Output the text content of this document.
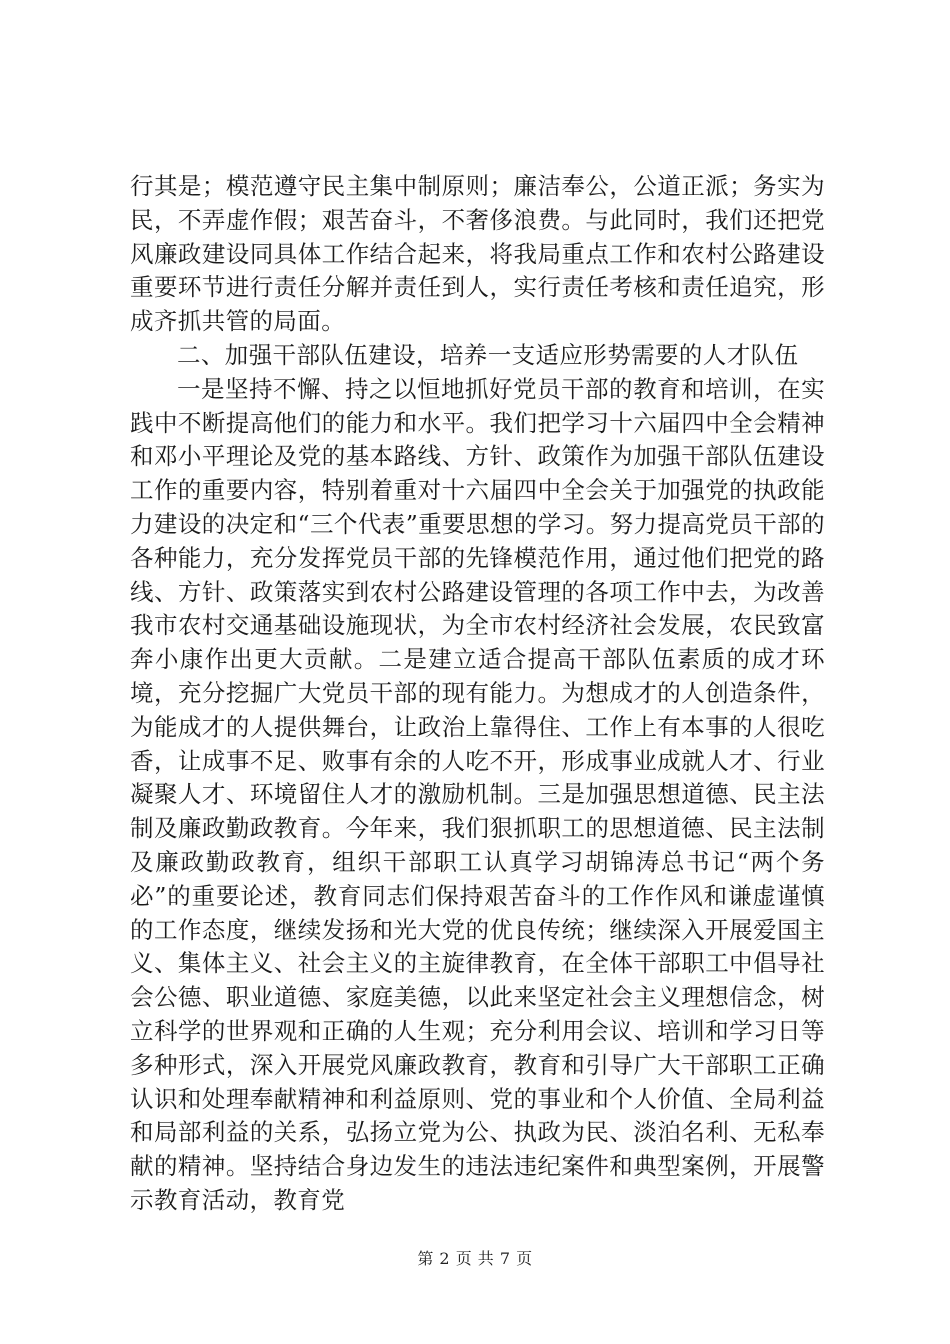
行其是；模范遵守民主集中制原则；廉洁奉公，公道正派；务实为民，不弄虚作假；艰苦奋斗，不奢侈浪费。与此同时，我们还把党风廉政建设同具体工作结合起来，将我局重点工作和农村公路建设重要环节进行责任分解并责任到人，实行责任考核和责任追究，形成齐抓共管的局面。

二、加强干部队伍建设，培养一支适应形势需要的人才队伍

一是坚持不懈、持之以恒地抓好党员干部的教育和培训，在实践中不断提高他们的能力和水平。我们把学习十六届四中全会精神和邓小平理论及党的基本路线、方针、政策作为加强干部队伍建设工作的重要内容，特别着重对十六届四中全会关于加强党的执政能力建设的决定和“三个代表”重要思想的学习。努力提高党员干部的各种能力，充分发挥党员干部的先锋模范作用，通过他们把党的路线、方针、政策落实到农村公路建设管理的各项工作中去，为改善我市农村交通基础设施现状，为全市农村经济社会发展，农民致富奔小康作出更大贡献。二是建立适合提高干部队伍素质的成才环境，充分挖掘广大党员干部的现有能力。为想成才的人创造条件，为能成才的人提供舞台，让政治上靠得住、工作上有本事的人很吃香，让成事不足、败事有余的人吃不开，形成事业成就人才、行业凝聚人才、环境留住人才的激励机制。三是加强思想道德、民主法制及廉政勤政教育。今年来，我们狠抓职工的思想道德、民主法制及廉政勤政教育，组织干部职工认真学习胡锦涛总书记“两个务必”的重要论述，教育同志们保持艰苦奋斗的工作作风和谦虚谨慎的工作态度，继续发扬和光大党的优良传统；继续深入开展爱国主义、集体主义、社会主义的主旋律教育，在全体干部职工中倡导社会公德、职业道德、家庭美德，以此来坚定社会主义理想信念，树立科学的世界观和正确的人生观；充分利用会议、培训和学习日等多种形式，深入开展党风廉政教育，教育和引导广大干部职工正确认识和处理奉献精神和利益原则、党的事业和个人价值、全局利益和局部利益的关系，弘扬立党为公、执政为民、淡泊名利、无私奉献的精神。坚持结合身边发生的违法违纪案件和典型案例，开展警示教育活动，教育党

第 2 页 共 7 页
